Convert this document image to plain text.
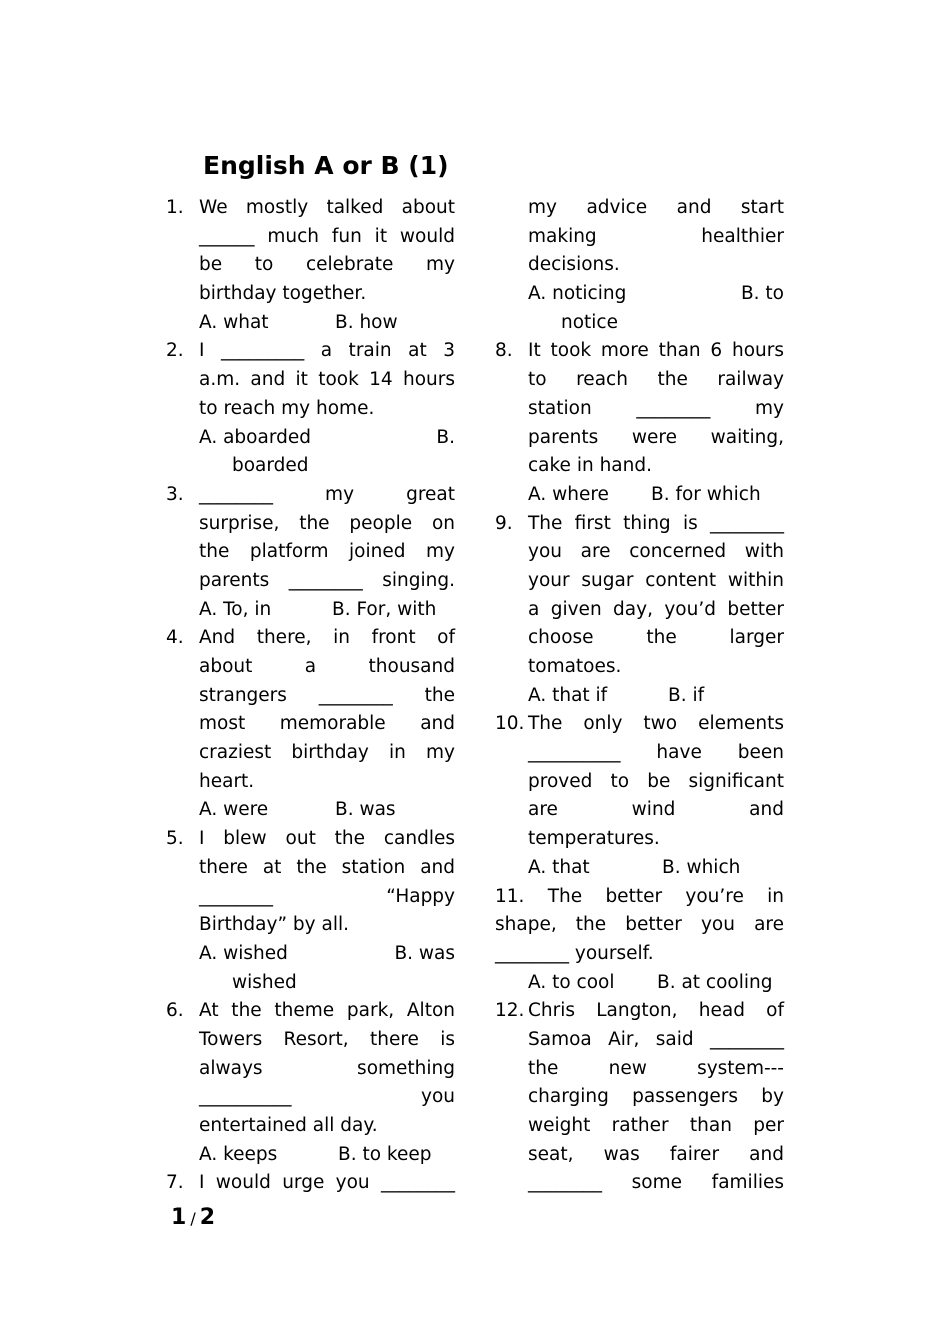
English A or B (1)
1. We mostly talked about
______ much fun it would
be to celebrate my
birthday together.
A. what	B. how
2. I _________ a train at 3
a.m. and it took 14 hours
to reach my home.
A. aboarded	B.
boarded
3. ________ my great
surprise, the people on
the platform joined my
parents ________ singing.
A. To, in	B. For, with
4. And there, in front of
about a thousand
strangers ________ the
most memorable and
craziest birthday in my
heart.
A. were	B. was
5. I blew out the candles
there at the station and
________ “Happy
Birthday” by all.
A. wished	B. was
wished
6. At the theme park, Alton
Towers Resort, there is
always something
__________ you
entertained all day.
A. keeps	B. to keep
7. I would urge you ________
my advice and start
making healthier
decisions.
A. noticing	B. to
notice
8. It took more than 6 hours
to reach the railway
station ________ my
parents were waiting,
cake in hand.
A. where B. for which
9. The first thing is ________
you are concerned with
your sugar content within
a given day, you’d better
choose the larger
tomatoes.
A. that if	B. if
10. The only two elements
__________ have been
proved to be significant
are wind and
temperatures.
A. that	B. which
11. The better you’re in
shape, the better you are
________ yourself.
A. to cool B. at cooling
12. Chris Langton, head of
Samoa Air, said ________
the new system---
charging passengers by
weight rather than per
seat, was fairer and
________ some families
1 / 2
